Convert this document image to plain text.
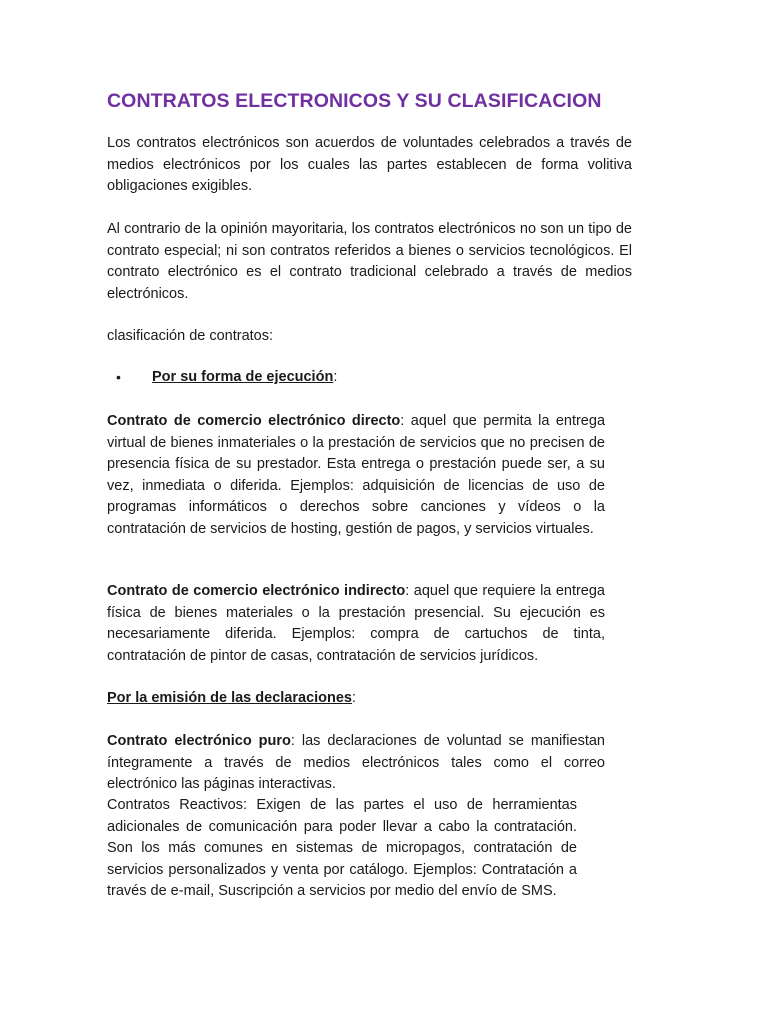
CONTRATOS ELECTRONICOS Y SU CLASIFICACION

Los contratos electrónicos son acuerdos de voluntades celebrados a través de medios electrónicos por los cuales las partes establecen de forma volitiva obligaciones exigibles.

Al contrario de la opinión mayoritaria, los contratos electrónicos no son un tipo de contrato especial; ni son contratos referidos a bienes o servicios tecnológicos. El contrato electrónico es el contrato tradicional celebrado a través de medios electrónicos.

clasificación de contratos:

• Por su forma de ejecución:

Contrato de comercio electrónico directo: aquel que permita la entrega virtual de bienes inmateriales o la prestación de servicios que no precisen de presencia física de su prestador. Esta entrega o prestación puede ser, a su vez, inmediata o diferida. Ejemplos: adquisición de licencias de uso de programas informáticos o derechos sobre canciones y vídeos o la contratación de servicios de hosting, gestión de pagos, y servicios virtuales.

Contrato de comercio electrónico indirecto: aquel que requiere la entrega física de bienes materiales o la prestación presencial. Su ejecución es necesariamente diferida. Ejemplos: compra de cartuchos de tinta, contratación de pintor de casas, contratación de servicios jurídicos.

Por la emisión de las declaraciones:

Contrato electrónico puro: las declaraciones de voluntad se manifiestan íntegramente a través de medios electrónicos tales como el correo electrónico las páginas interactivas.

Contratos Reactivos: Exigen de las partes el uso de herramientas adicionales de comunicación para poder llevar a cabo la contratación. Son los más comunes en sistemas de micropagos, contratación de servicios personalizados y venta por catálogo. Ejemplos: Contratación a través de e-mail, Suscripción a servicios por medio del envío de SMS.
